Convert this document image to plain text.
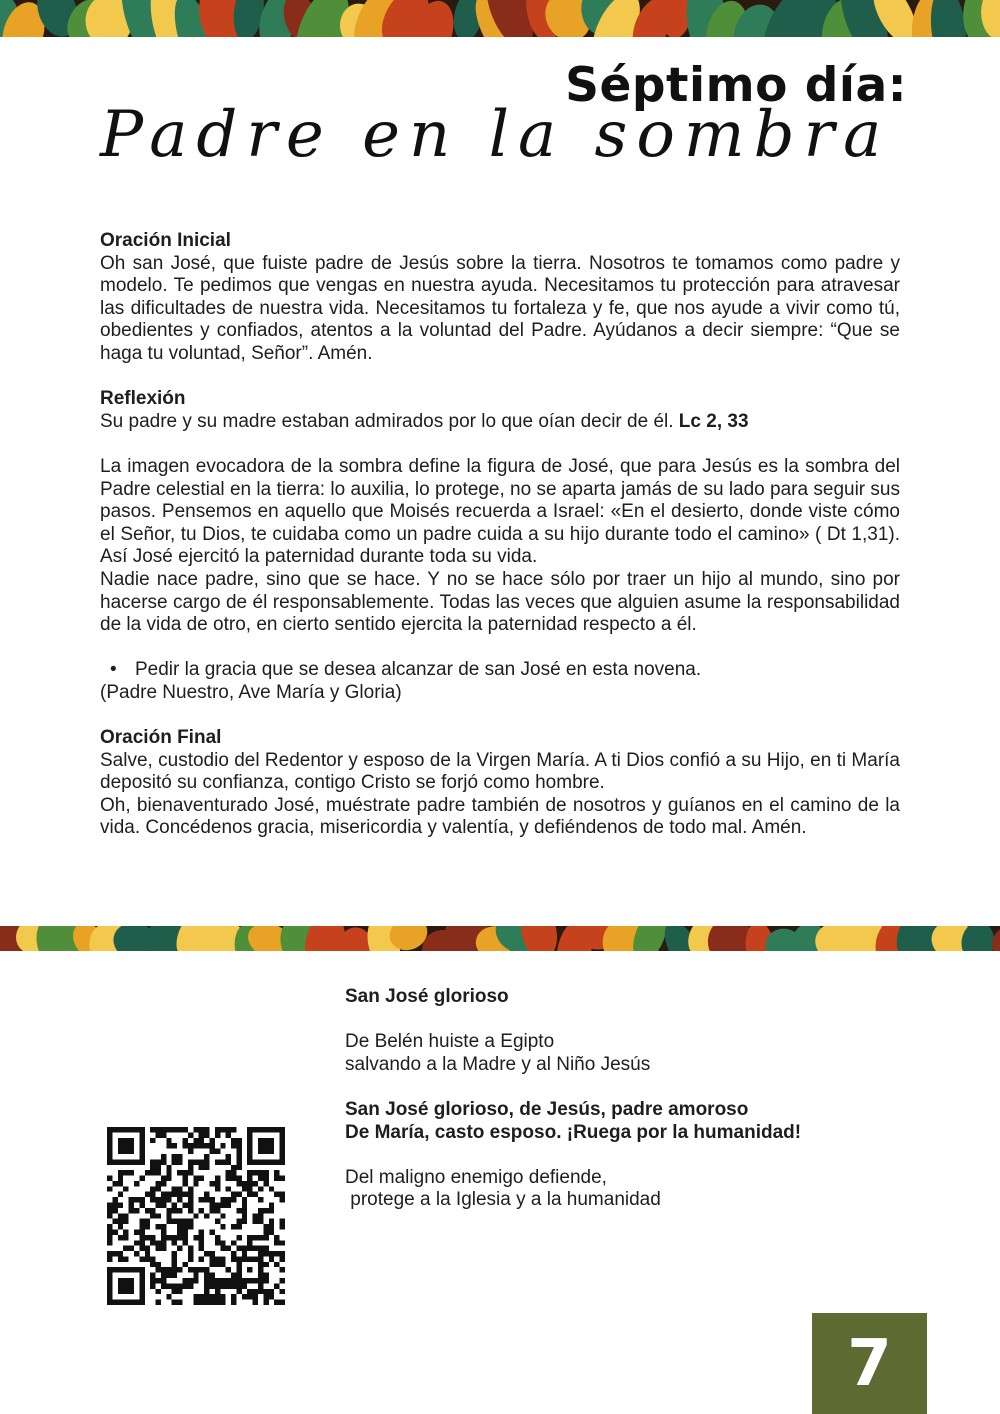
Séptimo día:
Padre en la sombra
Oración Inicial

Oh san José, que fuiste padre de Jesús sobre la tierra. Nosotros te tomamos como padre y modelo. Te pedimos que vengas en nuestra ayuda. Necesitamos tu protección para atravesar las dificultades de nuestra vida. Necesitamos tu fortaleza y fe, que nos ayude a vivir como tú, obedientes y confiados, atentos a la voluntad del Padre. Ayúdanos a decir siempre: “Que se haga tu voluntad, Señor”. Amén.

Reflexión

Su padre y su madre estaban admirados por lo que oían decir de él. Lc 2, 33

La imagen evocadora de la sombra define la figura de José, que para Jesús es la sombra del Padre celestial en la tierra: lo auxilia, lo protege, no se aparta jamás de su lado para seguir sus pasos. Pensemos en aquello que Moisés recuerda a Israel: «En el desierto, donde viste cómo el Señor, tu Dios, te cuidaba como un padre cuida a su hijo durante todo el camino» ( Dt 1,31). Así José ejercitó la paternidad durante toda su vida.

Nadie nace padre, sino que se hace. Y no se hace sólo por traer un hijo al mundo, sino por hacerse cargo de él responsablemente. Todas las veces que alguien asume la responsabilidad de la vida de otro, en cierto sentido ejercita la paternidad respecto a él.

• Pedir la gracia que se desea alcanzar de san José en esta novena.

(Padre Nuestro, Ave María y Gloria)

Oración Final

Salve, custodio del Redentor y esposo de la Virgen María. A ti Dios confió a su Hijo, en ti María depositó su confianza, contigo Cristo se forjó como hombre.

Oh, bienaventurado José, muéstrate padre también de nosotros y guíanos en el camino de la vida. Concédenos gracia, misericordia y valentía, y defiéndenos de todo mal. Amén.

San José glorioso

De Belén huiste a Egipto

salvando a la Madre y al Niño Jesús

San José glorioso, de Jesús, padre amoroso

De María, casto esposo. ¡Ruega por la humanidad!

Del maligno enemigo defiende,

protege a la Iglesia y a la humanidad

7
